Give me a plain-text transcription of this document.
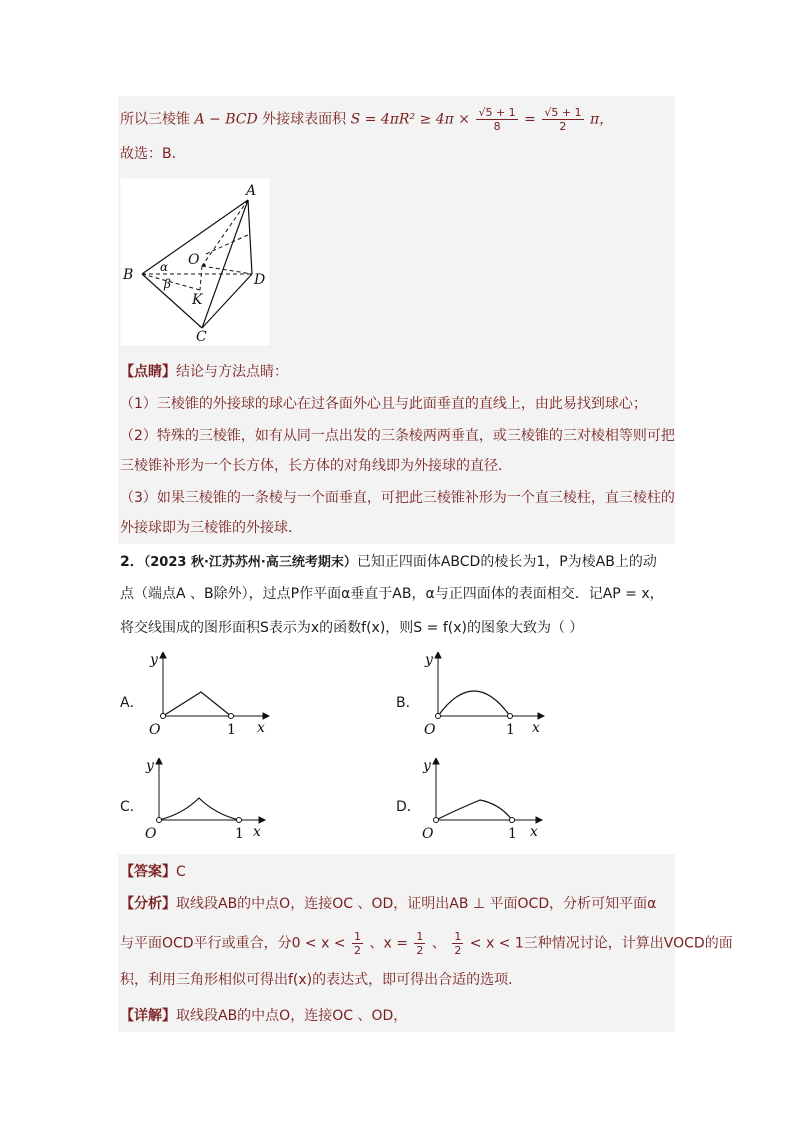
所以三棱锥 A − BCD 外接球表面积 $S = 4\pi R^2 \ge 4\pi \times \frac{√5 + 1}{8} = \frac{√5 + 1}{2}$ π，
故选：B．
A
B
C
D
O
K
α
β
【点睛】结论与方法点睛：
（1）三棱锥的外接球的球心在过各面外心且与此面垂直的直线上，由此易找到球心；
（2）特殊的三棱锥，如有从同一点出发的三条棱两两垂直，或三棱锥的三对棱相等则可把
三棱锥补形为一个长方体，长方体的对角线即为外接球的直径．
（3）如果三棱锥的一条棱与一个面垂直，可把此三棱锥补形为一个直三棱柱，直三棱柱的
外接球即为三棱锥的外接球．
2．（2023 秋·江苏苏州·高三统考期末）已知正四面体ABCD的棱长为1，P为棱AB上的动
点（端点A 、B除外），过点P作平面α垂直于AB，α与正四面体的表面相交．记AP = x，
将交线围成的图形面积S表示为x的函数f(x)，则S = f(x)的图象大致为（ ）
A．
y
x
O	1
B．
y
x
O	1
C．
y
x
O	1
D．
y
x
O	1
【答案】C
【分析】取线段AB的中点O，连接OC 、OD，证明出AB ⊥ 平面OCD，分析可知平面α
与平面OCD平行或重合，分$0 < x < \frac{1}{2}$ 、$x = \frac{1}{2}$ 、 $\frac{1}{2} < x < 1$三种情况讨论，计算出VOCD的面
积，利用三角形相似可得出f(x)的表达式，即可得出合适的选项.
【详解】取线段AB的中点O，连接OC 、OD，
